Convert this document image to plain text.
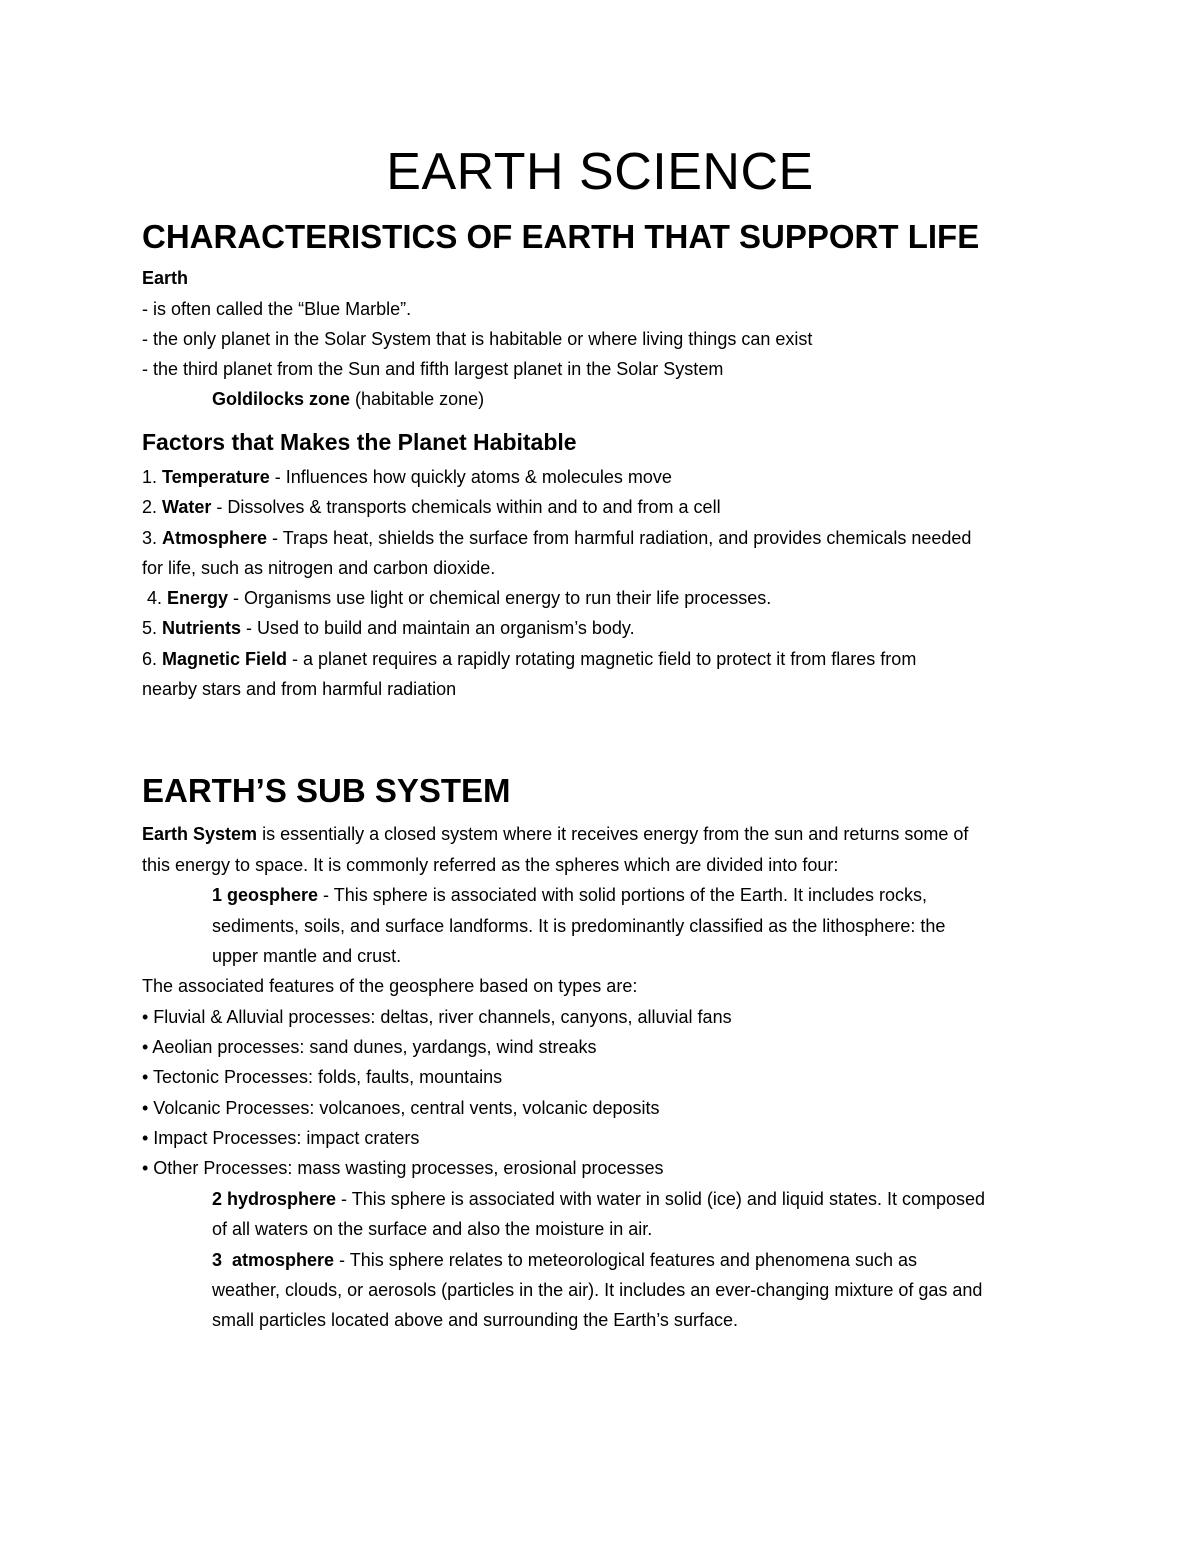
EARTH SCIENCE
CHARACTERISTICS OF EARTH THAT SUPPORT LIFE
Earth
- is often called the “Blue Marble”.
- the only planet in the Solar System that is habitable or where living things can exist
- the third planet from the Sun and fifth largest planet in the Solar System
Goldilocks zone (habitable zone)
Factors that Makes the Planet Habitable
1. Temperature - Influences how quickly atoms & molecules move
2. Water - Dissolves & transports chemicals within and to and from a cell
3. Atmosphere - Traps heat, shields the surface from harmful radiation, and provides chemicals needed
for life, such as nitrogen and carbon dioxide.
4. Energy - Organisms use light or chemical energy to run their life processes.
5. Nutrients - Used to build and maintain an organism’s body.
6. Magnetic Field - a planet requires a rapidly rotating magnetic field to protect it from flares from
nearby stars and from harmful radiation
EARTH’S SUB SYSTEM
Earth System is essentially a closed system where it receives energy from the sun and returns some of
this energy to space. It is commonly referred as the spheres which are divided into four:
1 geosphere - This sphere is associated with solid portions of the Earth. It includes rocks,
sediments, soils, and surface landforms. It is predominantly classified as the lithosphere: the
upper mantle and crust.
The associated features of the geosphere based on types are:
• Fluvial & Alluvial processes: deltas, river channels, canyons, alluvial fans
• Aeolian processes: sand dunes, yardangs, wind streaks
• Tectonic Processes: folds, faults, mountains
• Volcanic Processes: volcanoes, central vents, volcanic deposits
• Impact Processes: impact craters
• Other Processes: mass wasting processes, erosional processes
2 hydrosphere - This sphere is associated with water in solid (ice) and liquid states. It composed
of all waters on the surface and also the moisture in air.
3  atmosphere - This sphere relates to meteorological features and phenomena such as
weather, clouds, or aerosols (particles in the air). It includes an ever-changing mixture of gas and
small particles located above and surrounding the Earth’s surface.
